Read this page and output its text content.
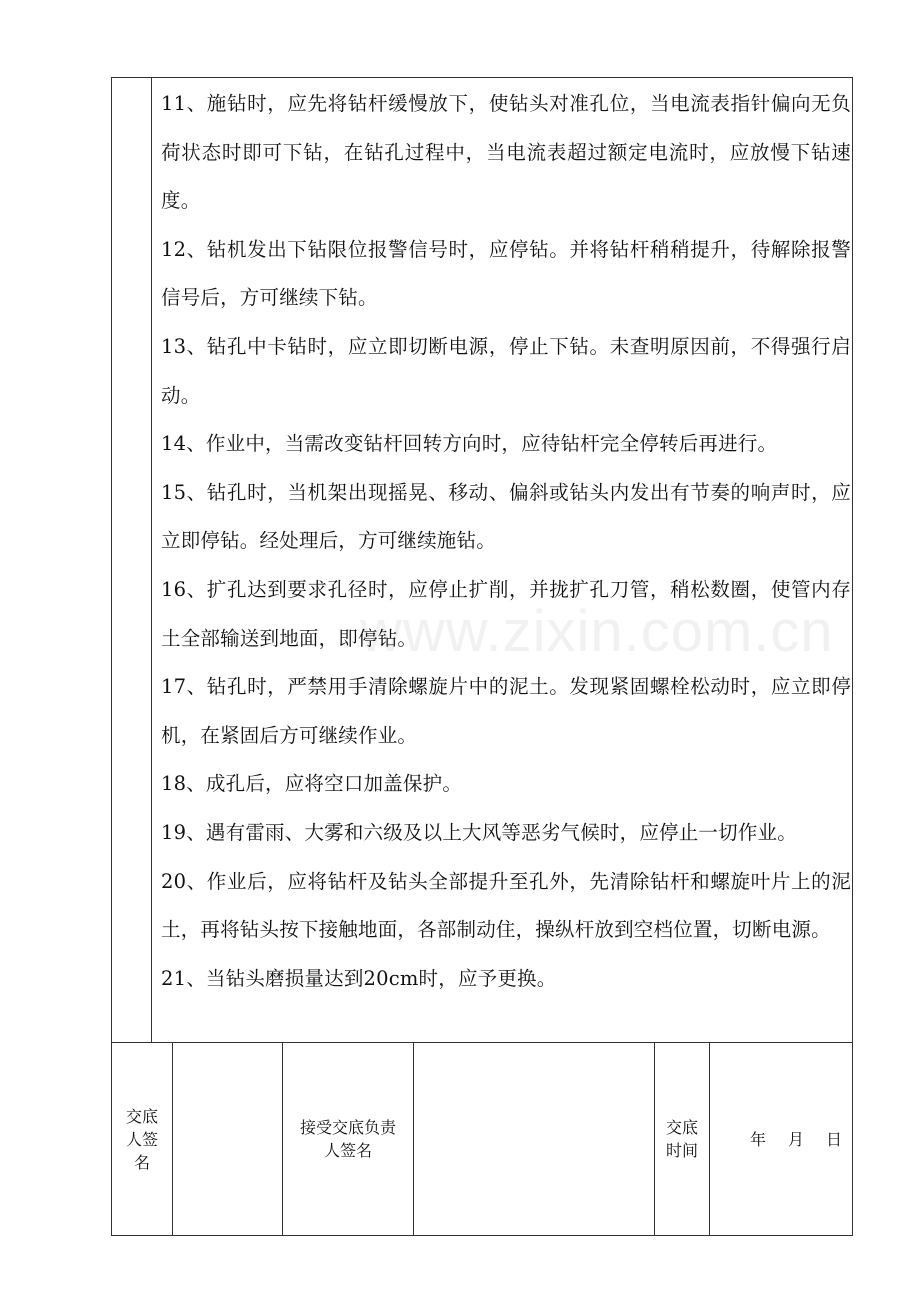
11、施钻时，应先将钻杆缓慢放下，使钻头对准孔位，当电流表指针偏向无负荷状态时即可下钻，在钻孔过程中，当电流表超过额定电流时，应放慢下钻速度。

12、钻机发出下钻限位报警信号时，应停钻。并将钻杆稍稍提升，待解除报警信号后，方可继续下钻。

13、钻孔中卡钻时，应立即切断电源，停止下钻。未查明原因前，不得强行启动。

14、作业中，当需改变钻杆回转方向时，应待钻杆完全停转后再进行。

15、钻孔时，当机架出现摇晃、移动、偏斜或钻头内发出有节奏的响声时，应立即停钻。经处理后，方可继续施钻。

16、扩孔达到要求孔径时，应停止扩削，并拢扩孔刀管，稍松数圈，使管内存土全部输送到地面，即停钻。

17、钻孔时，严禁用手清除螺旋片中的泥土。发现紧固螺栓松动时，应立即停机，在紧固后方可继续作业。

18、成孔后，应将空口加盖保护。

19、遇有雷雨、大雾和六级及以上大风等恶劣气候时，应停止一切作业。

20、作业后，应将钻杆及钻头全部提升至孔外，先清除钻杆和螺旋叶片上的泥土，再将钻头按下接触地面，各部制动住，操纵杆放到空档位置，切断电源。

21、当钻头磨损量达到20cm时，应予更换。

www.zixin.com.cn
交底人签名
接受交底负责人签名
交底时间
年 月 日
